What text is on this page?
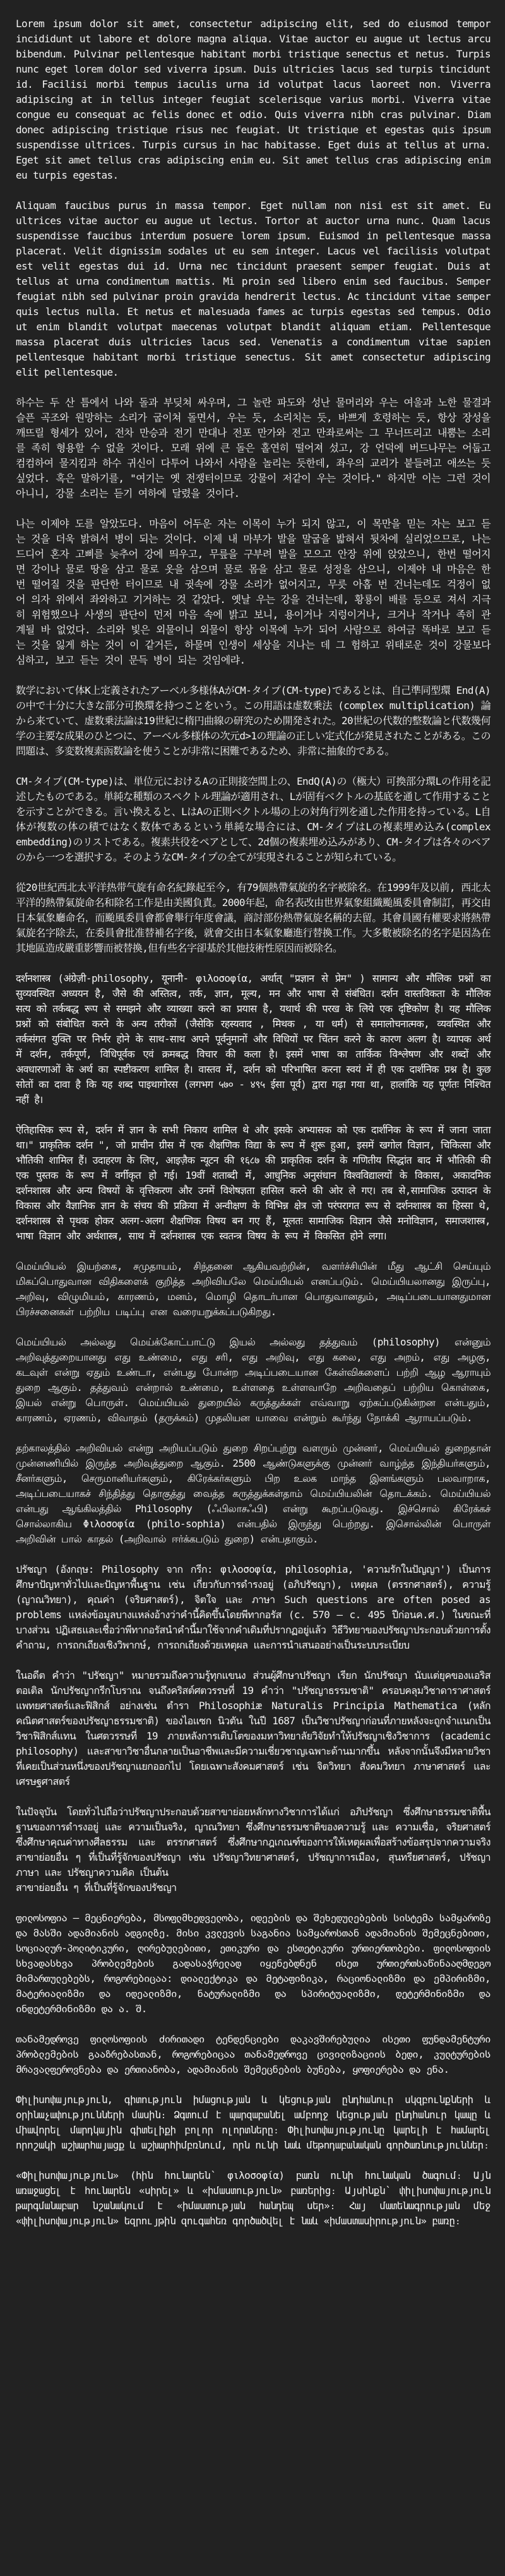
Lorem ipsum dolor sit amet, consectetur adipiscing elit, sed do eiusmod tempor incididunt ut labore et dolore magna aliqua. Vitae auctor eu augue ut lectus arcu bibendum. Pulvinar pellentesque habitant morbi tristique senectus et netus. Turpis nunc eget lorem dolor sed viverra ipsum. Duis ultricies lacus sed turpis tincidunt id. Facilisi morbi tempus iaculis urna id volutpat lacus laoreet non. Viverra adipiscing at in tellus integer feugiat scelerisque varius morbi. Viverra vitae congue eu consequat ac felis donec et odio. Quis viverra nibh cras pulvinar. Diam donec adipiscing tristique risus nec feugiat. Ut tristique et egestas quis ipsum suspendisse ultrices. Turpis cursus in hac habitasse. Eget duis at tellus at urna. Eget sit amet tellus cras adipiscing enim eu. Sit amet tellus cras adipiscing enim eu turpis egestas.

Aliquam faucibus purus in massa tempor. Eget nullam non nisi est sit amet. Eu ultrices vitae auctor eu augue ut lectus. Tortor at auctor urna nunc. Quam lacus suspendisse faucibus interdum posuere lorem ipsum. Euismod in pellentesque massa placerat. Velit dignissim sodales ut eu sem integer. Lacus vel facilisis volutpat est velit egestas dui id. Urna nec tincidunt praesent semper feugiat. Duis at tellus at urna condimentum mattis. Mi proin sed libero enim sed faucibus. Semper feugiat nibh sed pulvinar proin gravida hendrerit lectus. Ac tincidunt vitae semper quis lectus nulla. Et netus et malesuada fames ac turpis egestas sed tempus. Odio ut enim blandit volutpat maecenas volutpat blandit aliquam etiam. Pellentesque massa placerat duis ultricies lacus sed. Venenatis a condimentum vitae sapien pellentesque habitant morbi tristique senectus. Sit amet consectetur adipiscing elit pellentesque.

하수는 두 산 틈에서 나와 돌과 부딪쳐 싸우며, 그 놀란 파도와 성난 물머리와 우는 여울과 노한 물결과 슬픈 곡조와 원망하는 소리가 굽이쳐 돌면서, 우는 듯, 소리치는 듯, 바쁘게 호령하는 듯, 항상 장성을 깨뜨릴 형세가 있어, 전차 만승과 전기 만대나 전포 만가와 전고 만좌로써는 그 무너뜨리고 내뿜는 소리를 족히 형용할 수 없을 것이다. 모래 위에 큰 돌은 홀연히 떨어져 섰고, 강 언덕에 버드나무는 어둡고 컴컴하여 물지킴과 하수 귀신이 다투어 나와서 사람을 놀리는 듯한데, 좌우의 교리가 붙들려고 애쓰는 듯싶었다. 혹은 말하기를, "여기는 옛 전쟁터이므로 강물이 저같이 우는 것이다." 하지만 이는 그런 것이 아니니, 강물 소리는 듣기 여하에 달렸을 것이다.

나는 이제야 도를 알았도다. 마음이 어두운 자는 이목이 누가 되지 않고, 이 목만을 믿는 자는 보고 듣는 것을 더욱 밝혀서 병이 되는 것이다. 이제 내 마부가 발을 말굽을 밟혀서 뒷차에 실리었으므로, 나는 드디어 혼자 고삐를 늦추어 강에 띄우고, 무릎을 구부려 발을 모으고 안장 위에 앉았으니, 한번 떨어지면 강이나 물로 땅을 삼고 물로 옷을 삼으며 물로 몸을 삼고 물로 성정을 삼으니, 이제야 내 마음은 한번 떨어질 것을 판단한 터이므로 내 귓속에 강물 소리가 없어지고, 무릇 아홉 번 건너는데도 걱정이 없어 의자 위에서 좌와하고 기거하는 것 같았다. 옛날 우는 강을 건너는데, 황룡이 배를 등으로 져서 지극히 위험했으나 사생의 판단이 먼저 마음 속에 밝고 보니, 용이거나 지렁이거나, 크거나 작거나 족히 관계될 바 없었다. 소리와 빛은 외물이니 외물이 항상 이목에 누가 되어 사람으로 하여금 똑바로 보고 듣는 것을 잃게 하는 것이 이 같거든, 하물며 인생이 세상을 지나는 데 그 험하고 위태로운 것이 강물보다 심하고, 보고 듣는 것이 문득 병이 되는 것임에랴.

数学において体K上定義されたアーベル多様体AがCM-タイプ(CM-type)であるとは、自己準同型環 End(A)の中で十分に大きな部分可換環を持つことをいう。この用語は虚数乗法 (complex multiplication) 論から来ていて、虚数乗法論は19世紀に楕円曲線の研究のため開発された。20世紀の代数的整数論と代数幾何学の主要な成果のひとつに、アーベル多様体の次元d>1の理論の正しい定式化が発見されたことがある。この問題は、多変数複素函数論を使うことが非常に困難であるため、非常に抽象的である。

CM-タイプ(CM-type)は、単位元におけるAの正則接空間上の、EndQ(A)の（極大）可換部分環Lの作用を記述したものである。単純な種類のスペクトル理論が適用され、Lが固有ベクトルの基底を通して作用することを示すことができる。言い換えると、LはAの正則ベクトル場の上の対角行列を通した作用を持っている。L自体が複数の体の積ではなく数体であるという単純な場合には、CM-タイプはLの複素埋め込み(complex embedding)のリストである。複素共役をペアとして、2d個の複素埋め込みがあり、CM-タイプは各々のペアのから一つを選択する。そのようなCM-タイプの全てが実現されることが知られている。

從20世紀西北太平洋热带气旋有命名紀錄起至今, 有79個熱帶氣旋的名字被除名。在1999年及以前, 西北太平洋的熱帶氣旋命名和除名工作是由美國負責。2000年起，命名表改由世界氣象組織颱風委員會制訂，再交由日本氣象廳命名，而颱風委員會都會舉行年度會議，商討部份熱帶氣旋名稱的去留。其會員國有權要求將熱帶氣旋名字除去，在委員會批准替補名字後，就會交由日本氣象廳進行替換工作。大多數被除名的名字是因為在其地區造成嚴重影響而被替換,但有些名字卻基於其他技術性原因而被除名。

दर्शनशास्त्र (अंग्रेज़ी-philosophy, यूनानी- φιλοσοφία, अर्थात् "प्रज्ञान से प्रेम" ) सामान्य और मौलिक प्रश्नों का सुव्यवस्थित अध्ययन है, जैसे की अस्तित्व, तर्क, ज्ञान, मूल्य, मन और भाषा से संबंधित। दर्शन वास्तविकता के मौलिक सत्य को तर्कबद्ध रूप से समझने और व्याख्या करने का प्रयास है, यथार्थ की परख के लिये एक दृष्टिकोण है। यह मौलिक प्रश्नों को संबोधित करने के अन्य तरीकों (जैसेकि रहस्यवाद , मिथक , या धर्म) से समालोचनात्मक, व्यवस्थित और तर्कसंगत युक्ति पर निर्भर होने के साथ-साथ अपने पूर्वनुमानों और विधियों पर चिंतन करने के कारण अलग है। व्यापक अर्थ में दर्शन, तर्कपूर्ण, विधिपूर्वक एवं क्रमबद्ध विचार की कला है। इसमें भाषा का तार्किक विश्लेषण और शब्दों और अवधारणाओं के अर्थ का स्पष्टीकरण शामिल है। वास्तव में, दर्शन को परिभाषित करना स्वयं में ही एक दार्शनिक प्रश्न है। कुछ सोतों का दावा है कि यह शब्द पाइथागोरस (लगभग ५७० - ४९५ ईसा पूर्व) द्वारा गढ़ा गया था, हालांकि यह पूर्णतः निश्चित नहीं है।

ऐतिहासिक रूप से, दर्शन में ज्ञान के सभी निकाय शामिल थे और इसके अभ्यासक को एक दार्शनिक के रूप में जाना जाता था।" प्राकृतिक दर्शन ", जो प्राचीन ग्रीस में एक शैक्षणिक विद्या के रूप में शुरू हुआ, इसमें खगोल विज्ञान, चिकित्सा और भौतिकी शामिल हैं। उदाहरण के लिए, आइज़ैक न्यूटन की १६८७ की प्राकृतिक दर्शन के गणितीय सिद्धांत बाद में भौतिकी की एक पुस्तक के रूप में वर्गीकृत हो गई। 19वीं शताब्दी में, आधुनिक अनुसंधान विश्वविद्यालयों के विकास, अकादमिक दर्शनशास्त्र और अन्य विषयों के वृत्तिकरण और उनमें विशेषज्ञता हासिल करने की ओर ले गए। तब से,सामाजिक उत्पादन के विकास और वैज्ञानिक ज्ञान के संचय की प्रक्रिया में अन्वीक्षण के विभिन्न क्षेत्र जो परंपरागत रूप से दर्शनशास्त्र का हिस्सा थे, दर्शनशास्त्र से पृथक होकर अलग-अलग शैक्षणिक विषय बन गए हैं, मूलतः सामाजिक विज्ञान जैसे मनोविज्ञान, समाजशास्त्र, भाषा विज्ञान और अर्थशास्त्र, साथ में दर्शनशास्त्र एक स्वतन्त्र विषय के रूप में विकसित होने लगा।

மெய்யியல் இயற்கை, சமுதாயம், சிந்தனை ஆகியவற்றின், வளர்ச்சியின் மீது ஆட்சி செய்யும் மிகப்பொதுவான விதிகளைக் குறித்த அறிவியலே மெய்யியல் எனப்படும். மெய்யியலானது இருப்பு, அறிவு, விழுமியம், காரணம், மனம், மொழி தொடர்பான பொதுவானதும், அடிப்படையானதுமான பிரச்சனைகள் பற்றிய படிப்பு என வரையறுக்கப்படுகிறது.

மெய்யியல் அல்லது மெய்க்கோட்பாட்டு இயல் அல்லது தத்துவம் (philosophy) என்னும் அறிவுத்துறையானது எது உண்மை, எது சரி, எது அறிவு, எது கலை, எது அறம், எது அழகு, கடவுள் என்று ஏதும் உண்டா, என்பது போன்ற அடிப்படையான கேள்விகளைப் பற்றி ஆழ ஆராயும் துறை ஆகும். தத்துவம் என்றால் உண்மை, உள்ளதை உள்ளவாறே அறிவதைப் பற்றிய கொள்கை, இயல் என்று பொருள். மெய்யியல் துறையில் கருத்துக்கள் எவ்வாறு ஏற்கப்படுகின்றன என்பதும், காரணம், ஏரணம், விவாதம் (தருக்கம்) முதலியன யாவை என்றும் கூர்ந்து நோக்கி ஆராயப்படும்.

தற்காலத்தில் அறிவியல் என்று அறியப்படும் துறை சிறப்புற்று வளரும் முன்னர், மெய்யியல் துறைதான் முன்னணியில் இருந்த அறிவுத்துறை ஆகும். 2500 ஆண்டுகளுக்கு முன்னர் வாழ்ந்த இந்தியர்களும், சீனர்களும், செருமானியர்களும், கிரேக்கர்களும் பிற உலக மாந்த இனங்களும் பலவாறாக, அடிப்படையாகச் சிந்தித்து தொகுத்து வைத்த கருத்துக்கள்தாம் மெய்யியலின் தொடக்கம். மெய்யியல் என்பது ஆங்கிலத்தில் Philosophy (ஃபிலாசஃபி) என்று கூறப்படுவது. இச்சொல் கிரேக்கச் சொல்லாகிய Φιλοσοφία (philo-sophia) என்பதில் இருந்து பெற்றது. இசொல்லின் பொருள் அறிவின் பால் காதல் (அறிவால் ஈர்க்கபடும் துறை) என்பதாகும்.

ปรัชญา (อังกฤษ: Philosophy จาก กรีก: φιλοσοφία, philosophia, 'ความรักในปัญญา') เป็นการศึกษาปัญหาทั่วไปและปัญหาพื้นฐาน เช่น เกี่ยวกับการดำรงอยู่ (อภิปรัชญา), เหตุผล (ตรรกศาสตร์), ความรู้ (ญาณวิทยา), คุณค่า (จริยศาสตร์), จิตใจ และ ภาษา Such questions are often posed as problems แหล่งข้อมูลบางแหล่งอ้างว่าคำนี้คิดขึ้นโดยพีทากอรัส (c. 570 – c. 495 ปีก่อนค.ศ.) ในขณะที่บางส่วน ปฏิเสธและเชื่อว่าพีทากอรัสนำคำนี้มาใช้จากคำเดิมที่ปรากฏอยู่แล้ว วิธีวิทยาของปรัชญาประกอบด้วยการตั้งคำถาม, การถกเถียงเชิงวิพากษ์, การถกเถียงด้วยเหตุผล และการนำเสนออย่างเป็นระบบระเบียบ

ในอดีต คำว่า "ปรัชญา" หมายรวมถึงความรู้ทุกแขนง ส่วนผู้ศึกษาปรัชญา เรียก นักปรัชญา นับแต่ยุคของแอริสตอเติล นักปรัชญากรีกโบราณ จนถึงคริสต์ศตวรรษที่ 19 คำว่า "ปรัชญาธรรมชาติ" ครอบคลุมวิชาดาราศาสตร์ แพทยศาสตร์และฟิสิกส์ อย่างเช่น ตำรา Philosophiæ Naturalis Principia Mathematica (หลักคณิตศาสตร์ของปรัชญาธรรมชาติ) ของไอแซก นิวตัน ในปี 1687 เป็นวิชาปรัชญาก่อนที่ภายหลังจะถูกจำแนกเป็นวิชาฟิสิกส์แทน ในศตวรรษที่ 19 ภายหลังการเติบโตของมหาวิทยาลัยวิจัยทำให้ปรัชญาเชิงวิชาการ (academic philosophy) และสาขาวิชาอื่นกลายเป็นอาชีพและมีความเชี่ยวชาญเฉพาะด้านมากขึ้น หลังจากนั้นจึงมีหลายวิชาที่เคยเป็นส่วนหนึ่งของปรัชญาแยกออกไป โดยเฉพาะสังคมศาสตร์ เช่น จิตวิทยา สังคมวิทยา ภาษาศาสตร์ และเศรษฐศาสตร์

ในปัจจุบัน โดยทั่วไปถือว่าปรัชญาประกอบด้วยสาขาย่อยหลักทางวิชาการได้แก่ อภิปรัชญา ซึ่งศึกษาธรรมชาติพื้นฐานของการดำรงอยู่ และ ความเป็นจริง, ญาณวิทยา ซึ่งศึกษาธรรมชาติของความรู้ และ ความเชื่อ, จริยศาสตร์ ซึ่งศึกษาคุณค่าทางศีลธรรม และ ตรรกศาสตร์ ซึ่งศึกษากฎเกณฑ์ของการให้เหตุผลเพื่อสร้างข้อสรุปจากความจริง สาขาย่อยอื่น ๆ ที่เป็นที่รู้จักของปรัชญา เช่น ปรัชญาวิทยาศาสตร์, ปรัชญาการเมือง, สุนทรียศาสตร์, ปรัชญาภาษา และ ปรัชญาความคิด เป็นต้น

สาขาย่อยอื่น ๆ ที่เป็นที่รู้จักของปรัชญา

ფილოსოფია – მეცნიერება, მსოფლმხედველობა, იდეების და შეხედულებების სისტემა სამყაროზე და მასში ადამიანის ადგილზე. მისი კვლევის საგანია სამყაროსთან ადამიანის შემეცნებითი, სოციალურ-პოლიტიკური, ღირებულებითი, ეთიკური და ესთეტიკური ურთიერთობები. ფილოსოფიის სხვადასხვა პრობლემების გადასაჭრელად იყენებდნენ ისეთ ურთიერთსაწინააღმდეგო მიმართულებებს, როგორებიცაა: დიალექტიკა და მეტაფიზიკა, რაციონალიზმი და ემპირიზმი, მატერიალიზმი და იდეალიზმი, ნატურალიზმი და სპირიტუალიზმი, დეტერმინიზმი და ინდეტერმინიზმი და ა. შ.

თანამედროვე ფილოსოფიის ძირითადი ტენდენციები დაკავშირებულია ისეთი ფუნდამენტური პრობლემების გააზრებასთან, როგორებიცაა თანამედროვე ცივილიზაციის ბედი, კულტურების მრავალფეროვნება და ერთიანობა, ადამიანის შემეცნების ბუნება, ყოფიერება და ენა.

Փիլիսոփայություն, գիտություն իմացության և կեցության ընդհանուր սկզբունքների և օրինաչափությունների մասին։ Ձգտում է պարզաբանել ամբողջ կեցության ընդհանուր կապը և միավորել մարդկային գիտելիքի բոլոր ոլորտները։ Փիլիսոփայությունը կարելի է համարել որոշակի աշխարհայացք և աշխարհիմբռնում, որն ունի նաև մեթոդաբանական գործառնություններ։

«Փիլիսոփայություն» (հին հունարեն՝ φιλοσοφία) բառն ունի հունական ծագում։ Այն առաջացել է հունարեն «սիրել» և «իմաստություն» բառերից։ Այսինքն՝ փիլիսոփայություն թարգմանաբար նշանակում է «իմաստության հանդեպ սեր»։ Հայ մատենագրության մեջ «փիլիսոփայություն» եզրույթին զուգահեռ գործածվել է նաև «իմաստասիրություն» բառը։
